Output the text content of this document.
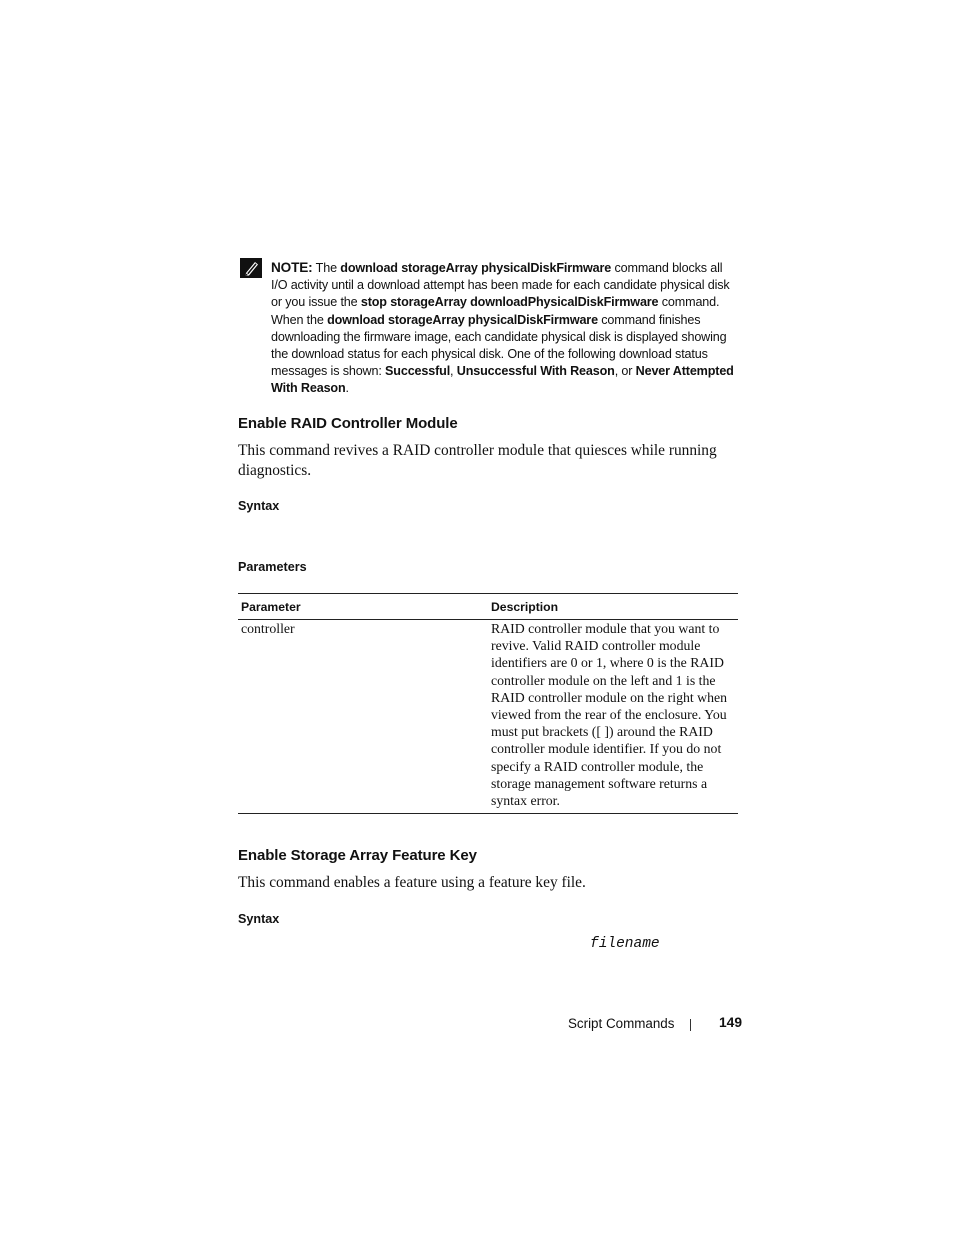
NOTE: The download storageArray physicalDiskFirmware command blocks all I/O activity until a download attempt has been made for each candidate physical disk or you issue the stop storageArray downloadPhysicalDiskFirmware command. When the download storageArray physicalDiskFirmware command finishes downloading the firmware image, each candidate physical disk is displayed showing the download status for each physical disk. One of the following download status messages is shown: Successful, Unsuccessful With Reason, or Never Attempted With Reason.
Enable RAID Controller Module
This command revives a RAID controller module that quiesces while running diagnostics.
Syntax
Parameters
Parameter	Description
controller	RAID controller module that you want to revive. Valid RAID controller module identifiers are 0 or 1, where 0 is the RAID controller module on the left and 1 is the RAID controller module on the right when viewed from the rear of the enclosure. You must put brackets ([ ]) around the RAID controller module identifier. If you do not specify a RAID controller module, the storage management software returns a syntax error.
Enable Storage Array Feature Key
This command enables a feature using a feature key file.
Syntax
filename
Script Commands	149
